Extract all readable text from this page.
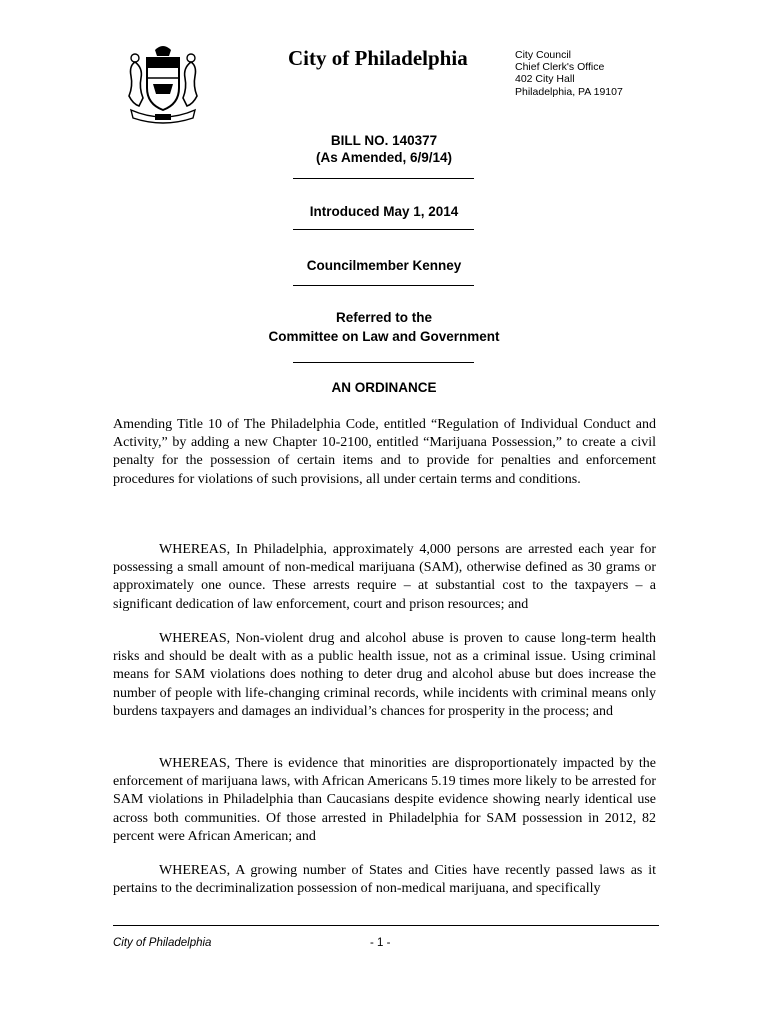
City of Philadelphia	City Council
Chief Clerk's Office
402 City Hall
Philadelphia, PA 19107
BILL NO. 140377
(As Amended, 6/9/14)
Introduced May 1, 2014
Councilmember Kenney
Referred to the
Committee on Law and Government
AN ORDINANCE

Amending Title 10 of The Philadelphia Code, entitled “Regulation of Individual Conduct and Activity,” by adding a new Chapter 10-2100, entitled “Marijuana Possession,” to create a civil penalty for the possession of certain items and to provide for penalties and enforcement procedures for violations of such provisions, all under certain terms and conditions.

WHEREAS, In Philadelphia, approximately 4,000 persons are arrested each year for possessing a small amount of non-medical marijuana (SAM), otherwise defined as 30 grams or approximately one ounce. These arrests require – at substantial cost to the taxpayers – a significant dedication of law enforcement, court and prison resources; and

WHEREAS, Non-violent drug and alcohol abuse is proven to cause long-term health risks and should be dealt with as a public health issue, not as a criminal issue. Using criminal means for SAM violations does nothing to deter drug and alcohol abuse but does increase the number of people with life-changing criminal records, while incidents with criminal means only burdens taxpayers and damages an individual’s chances for prosperity in the process; and

WHEREAS, There is evidence that minorities are disproportionately impacted by the enforcement of marijuana laws, with African Americans 5.19 times more likely to be arrested for SAM violations in Philadelphia than Caucasians despite evidence showing nearly identical use across both communities. Of those arrested in Philadelphia for SAM possession in 2012, 82 percent were African American; and

WHEREAS, A growing number of States and Cities have recently passed laws as it pertains to the decriminalization possession of non-medical marijuana, and specifically

City of Philadelphia	- 1 -
